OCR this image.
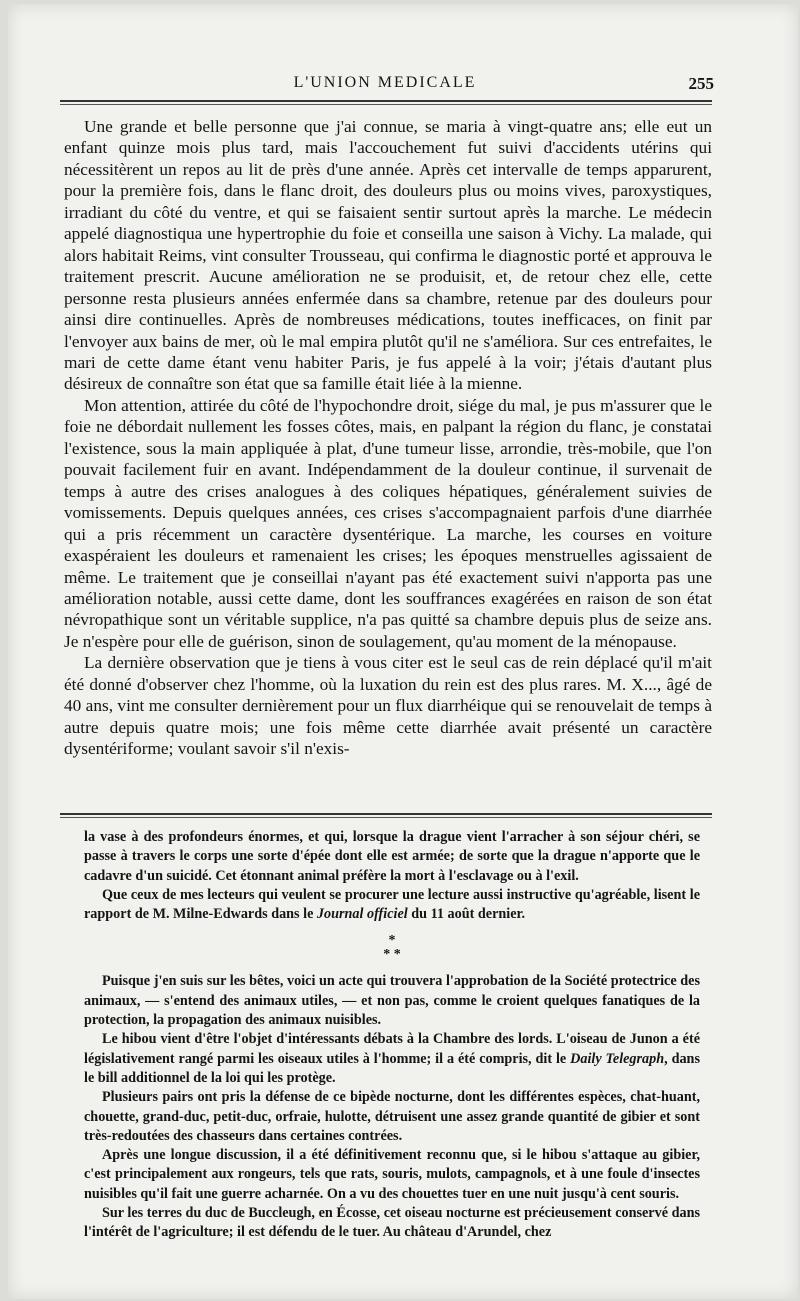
L'UNION MEDICALE	255

Une grande et belle personne que j'ai connue, se maria à vingt-quatre ans; elle eut un enfant quinze mois plus tard, mais l'accouchement fut suivi d'accidents utérins qui nécessitèrent un repos au lit de près d'une année. Après cet intervalle de temps apparurent, pour la première fois, dans le flanc droit, des douleurs plus ou moins vives, paroxystiques, irradiant du côté du ventre, et qui se faisaient sentir surtout après la marche. Le médecin appelé diagnostiqua une hypertrophie du foie et conseilla une saison à Vichy. La malade, qui alors habitait Reims, vint consulter Trousseau, qui confirma le diagnostic porté et approuva le traitement prescrit. Aucune amélioration ne se produisit, et, de retour chez elle, cette personne resta plusieurs années enfermée dans sa chambre, retenue par des douleurs pour ainsi dire continuelles. Après de nombreuses médications, toutes inefficaces, on finit par l'envoyer aux bains de mer, où le mal empira plutôt qu'il ne s'améliora. Sur ces entrefaites, le mari de cette dame étant venu habiter Paris, je fus appelé à la voir; j'étais d'autant plus désireux de connaître son état que sa famille était liée à la mienne.

Mon attention, attirée du côté de l'hypochondre droit, siége du mal, je pus m'assurer que le foie ne débordait nullement les fosses côtes, mais, en palpant la région du flanc, je constatai l'existence, sous la main appliquée à plat, d'une tumeur lisse, arrondie, très-mobile, que l'on pouvait facilement fuir en avant. Indépendamment de la douleur continue, il survenait de temps à autre des crises analogues à des coliques hépatiques, généralement suivies de vomissements. Depuis quelques années, ces crises s'accompagnaient parfois d'une diarrhée qui a pris récemment un caractère dysentérique. La marche, les courses en voiture exaspéraient les douleurs et ramenaient les crises; les époques menstruelles agissaient de même. Le traitement que je conseillai n'ayant pas été exactement suivi n'apporta pas une amélioration notable, aussi cette dame, dont les souffrances exagérées en raison de son état névropathique sont un véritable supplice, n'a pas quitté sa chambre depuis plus de seize ans. Je n'espère pour elle de guérison, sinon de soulagement, qu'au moment de la ménopause.

La dernière observation que je tiens à vous citer est le seul cas de rein déplacé qu'il m'ait été donné d'observer chez l'homme, où la luxation du rein est des plus rares. M. X..., âgé de 40 ans, vint me consulter dernièrement pour un flux diarrhéique qui se renouvelait de temps à autre depuis quatre mois; une fois même cette diarrhée avait présenté un caractère dysentériforme; voulant savoir s'il n'exis-

la vase à des profondeurs énormes, et qui, lorsque la drague vient l'arracher à son séjour chéri, se passe à travers le corps une sorte d'épée dont elle est armée; de sorte que la drague n'apporte que le cadavre d'un suicidé. Cet étonnant animal préfère la mort à l'esclavage ou à l'exil.

Que ceux de mes lecteurs qui veulent se procurer une lecture aussi instructive qu'agréable, lisent le rapport de M. Milne-Edwards dans le Journal officiel du 11 août dernier.

*
* *

Puisque j'en suis sur les bêtes, voici un acte qui trouvera l'approbation de la Société protectrice des animaux, — s'entend des animaux utiles, — et non pas, comme le croient quelques fanatiques de la protection, la propagation des animaux nuisibles.

Le hibou vient d'être l'objet d'intéressants débats à la Chambre des lords. L'oiseau de Junon a été législativement rangé parmi les oiseaux utiles à l'homme; il a été compris, dit le Daily Telegraph, dans le bill additionnel de la loi qui les protège.

Plusieurs pairs ont pris la défense de ce bipède nocturne, dont les différentes espèces, chat-huant, chouette, grand-duc, petit-duc, orfraie, hulotte, détruisent une assez grande quantité de gibier et sont très-redoutées des chasseurs dans certaines contrées.

Après une longue discussion, il a été définitivement reconnu que, si le hibou s'attaque au gibier, c'est principalement aux rongeurs, tels que rats, souris, mulots, campagnols, et à une foule d'insectes nuisibles qu'il fait une guerre acharnée. On a vu des chouettes tuer en une nuit jusqu'à cent souris.

Sur les terres du duc de Buccleugh, en Écosse, cet oiseau nocturne est précieusement conservé dans l'intérêt de l'agriculture; il est défendu de le tuer. Au château d'Arundel, chez
